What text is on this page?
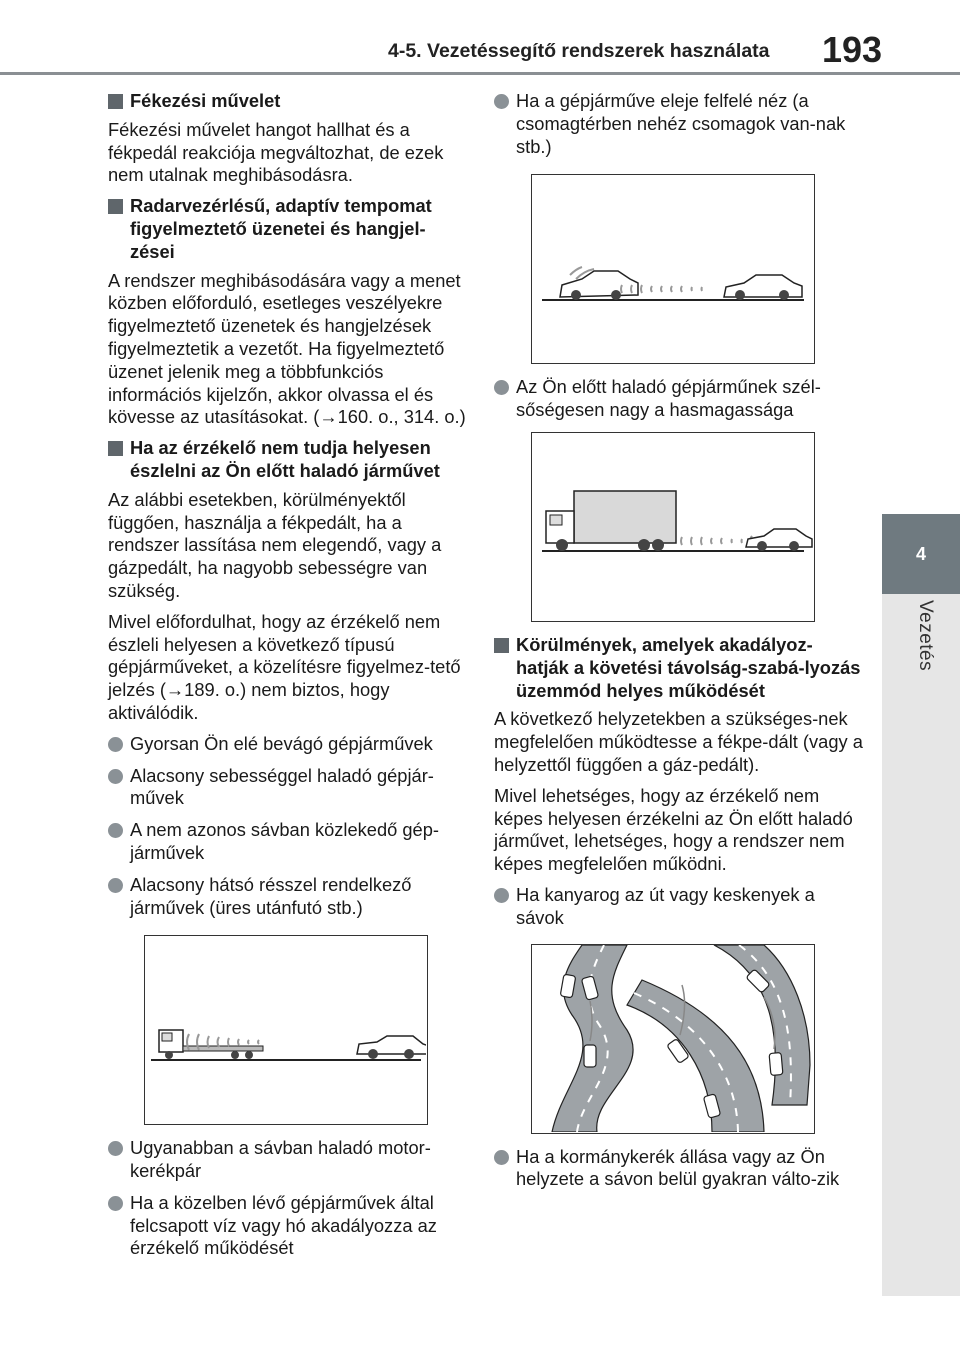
4-5. Vezetéssegítő rendszerek használata 193
4
Vezetés
Fékezési művelet
Fékezési művelet hangot hallhat és a fékpedál reakciója megváltozhat, de ezek nem utalnak meghibásodásra.
Radarvezérlésű, adaptív tempomat figyelmeztető üzenetei és hangjel-zései
A rendszer meghibásodására vagy a menet közben előforduló, esetleges veszélyekre figyelmeztető üzenetek és hangjelzések figyelmeztetik a vezetőt. Ha figyelmeztető üzenet jelenik meg a többfunkciós információs kijelzőn, akkor olvassa el és kövesse az utasításokat. (→160. o., 314. o.)
Ha az érzékelő nem tudja helyesen észlelni az Ön előtt haladó járművet
Az alábbi esetekben, körülményektől függően, használja a fékpedált, ha a rendszer lassítása nem elegendő, vagy a gázpedált, ha nagyobb sebességre van szükség.
Mivel előfordulhat, hogy az érzékelő nem észleli helyesen a következő típusú gépjárműveket, a közelítésre figyelmez-tető jelzés (→189. o.) nem biztos, hogy aktiválódik.
Gyorsan Ön elé bevágó gépjárművek
Alacsony sebességgel haladó gépjár-művek
A nem azonos sávban közlekedő gép-járművek
Alacsony hátsó résszel rendelkező járművek (üres utánfutó stb.)
Ugyanabban a sávban haladó motor-kerékpár
Ha a közelben lévő gépjárművek által felcsapott víz vagy hó akadályozza az érzékelő működését
Ha a gépjárműve eleje felfelé néz (a csomagtérben nehéz csomagok van-nak stb.)
Az Ön előtt haladó gépjárműnek szél-sőségesen nagy a hasmagassága
Körülmények, amelyek akadályoz-hatják a követési távolság-szabá-lyozás üzemmód helyes működését
A következő helyzetekben a szükséges-nek megfelelően működtesse a fékpe-dált (vagy a helyzettől függően a gáz-pedált).
Mivel lehetséges, hogy az érzékelő nem képes helyesen érzékelni az Ön előtt haladó járművet, lehetséges, hogy a rendszer nem képes megfelelően működni.
Ha kanyarog az út vagy keskenyek a sávok
Ha a kormánykerék állása vagy az Ön helyzete a sávon belül gyakran válto-zik
